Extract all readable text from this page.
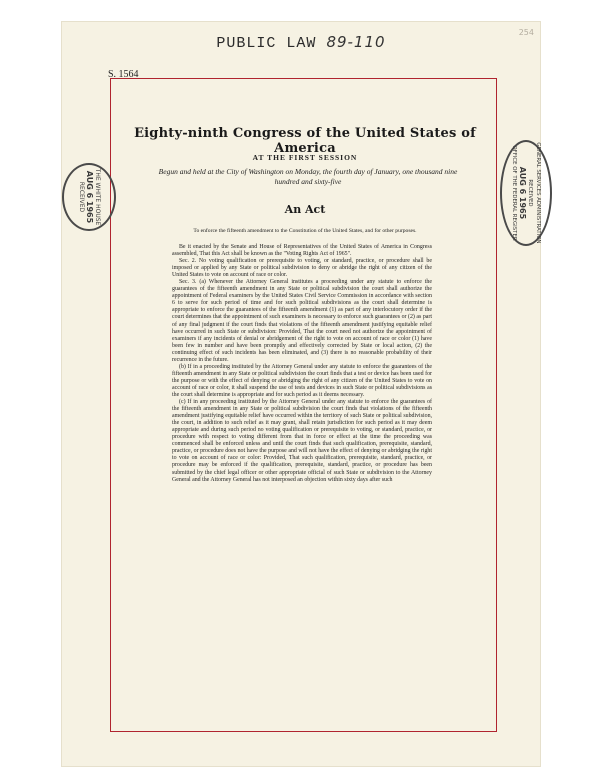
254
PUBLIC LAW 89-110
S. 1564
Eighty-ninth Congress of the United States of America
AT THE FIRST SESSION
Begun and held at the City of Washington on Monday, the fourth day of January, one thousand nine hundred and sixty-five
An Act
To enforce the fifteenth amendment to the Constitution of the United States, and for other purposes.

Be it enacted by the Senate and House of Representatives of the United States of America in Congress assembled, That this Act shall be known as the "Voting Rights Act of 1965".

Sec. 2. No voting qualification or prerequisite to voting, or standard, practice, or procedure shall be imposed or applied by any State or political subdivision to deny or abridge the right of any citizen of the United States to vote on account of race or color.

Sec. 3. (a) Whenever the Attorney General institutes a proceeding under any statute to enforce the guarantees of the fifteenth amendment in any State or political subdivision the court shall authorize the appointment of Federal examiners by the United States Civil Service Commission in accordance with section 6 to serve for such period of time and for such political subdivisions as the court shall determine is appropriate to enforce the guarantees of the fifteenth amendment (1) as part of any interlocutory order if the court determines that the appointment of such examiners is necessary to enforce such guarantees or (2) as part of any final judgment if the court finds that violations of the fifteenth amendment justifying equitable relief have occurred in such State or subdivision: Provided, That the court need not authorize the appointment of examiners if any incidents of denial or abridgement of the right to vote on account of race or color (1) have been few in number and have been promptly and effectively corrected by State or local action, (2) the continuing effect of such incidents has been eliminated, and (3) there is no reasonable probability of their recurrence in the future.

(b) If in a proceeding instituted by the Attorney General under any statute to enforce the guarantees of the fifteenth amendment in any State or political subdivision the court finds that a test or device has been used for the purpose or with the effect of denying or abridging the right of any citizen of the United States to vote on account of race or color, it shall suspend the use of tests and devices in such State or political subdivisions as the court shall determine is appropriate and for such period as it deems necessary.

(c) If in any proceeding instituted by the Attorney General under any statute to enforce the guarantees of the fifteenth amendment in any State or political subdivision the court finds that violations of the fifteenth amendment justifying equitable relief have occurred within the territory of such State or political subdivision, the court, in addition to such relief as it may grant, shall retain jurisdiction for such period as it may deem appropriate and during such period no voting qualification or prerequisite to voting, or standard, practice, or procedure with respect to voting different from that in force or effect at the time the proceeding was commenced shall be enforced unless and until the court finds that such qualification, prerequisite, standard, practice, or procedure does not have the purpose and will not have the effect of denying or abridging the right to vote on account of race or color: Provided, That such qualification, prerequisite, standard, practice, or procedure may be enforced if the qualification, prerequisite, standard, practice, or procedure has been submitted by the chief legal officer or other appropriate official of such State or subdivision to the Attorney General and the Attorney General has not interposed an objection within sixty days after such

THE WHITE HOUSE
AUG 6 1965
RECEIVED	GENERAL SERVICES ADMINISTRATION
RECEIVED
AUG 6 1965
OFFICE OF THE FEDERAL REGISTER
